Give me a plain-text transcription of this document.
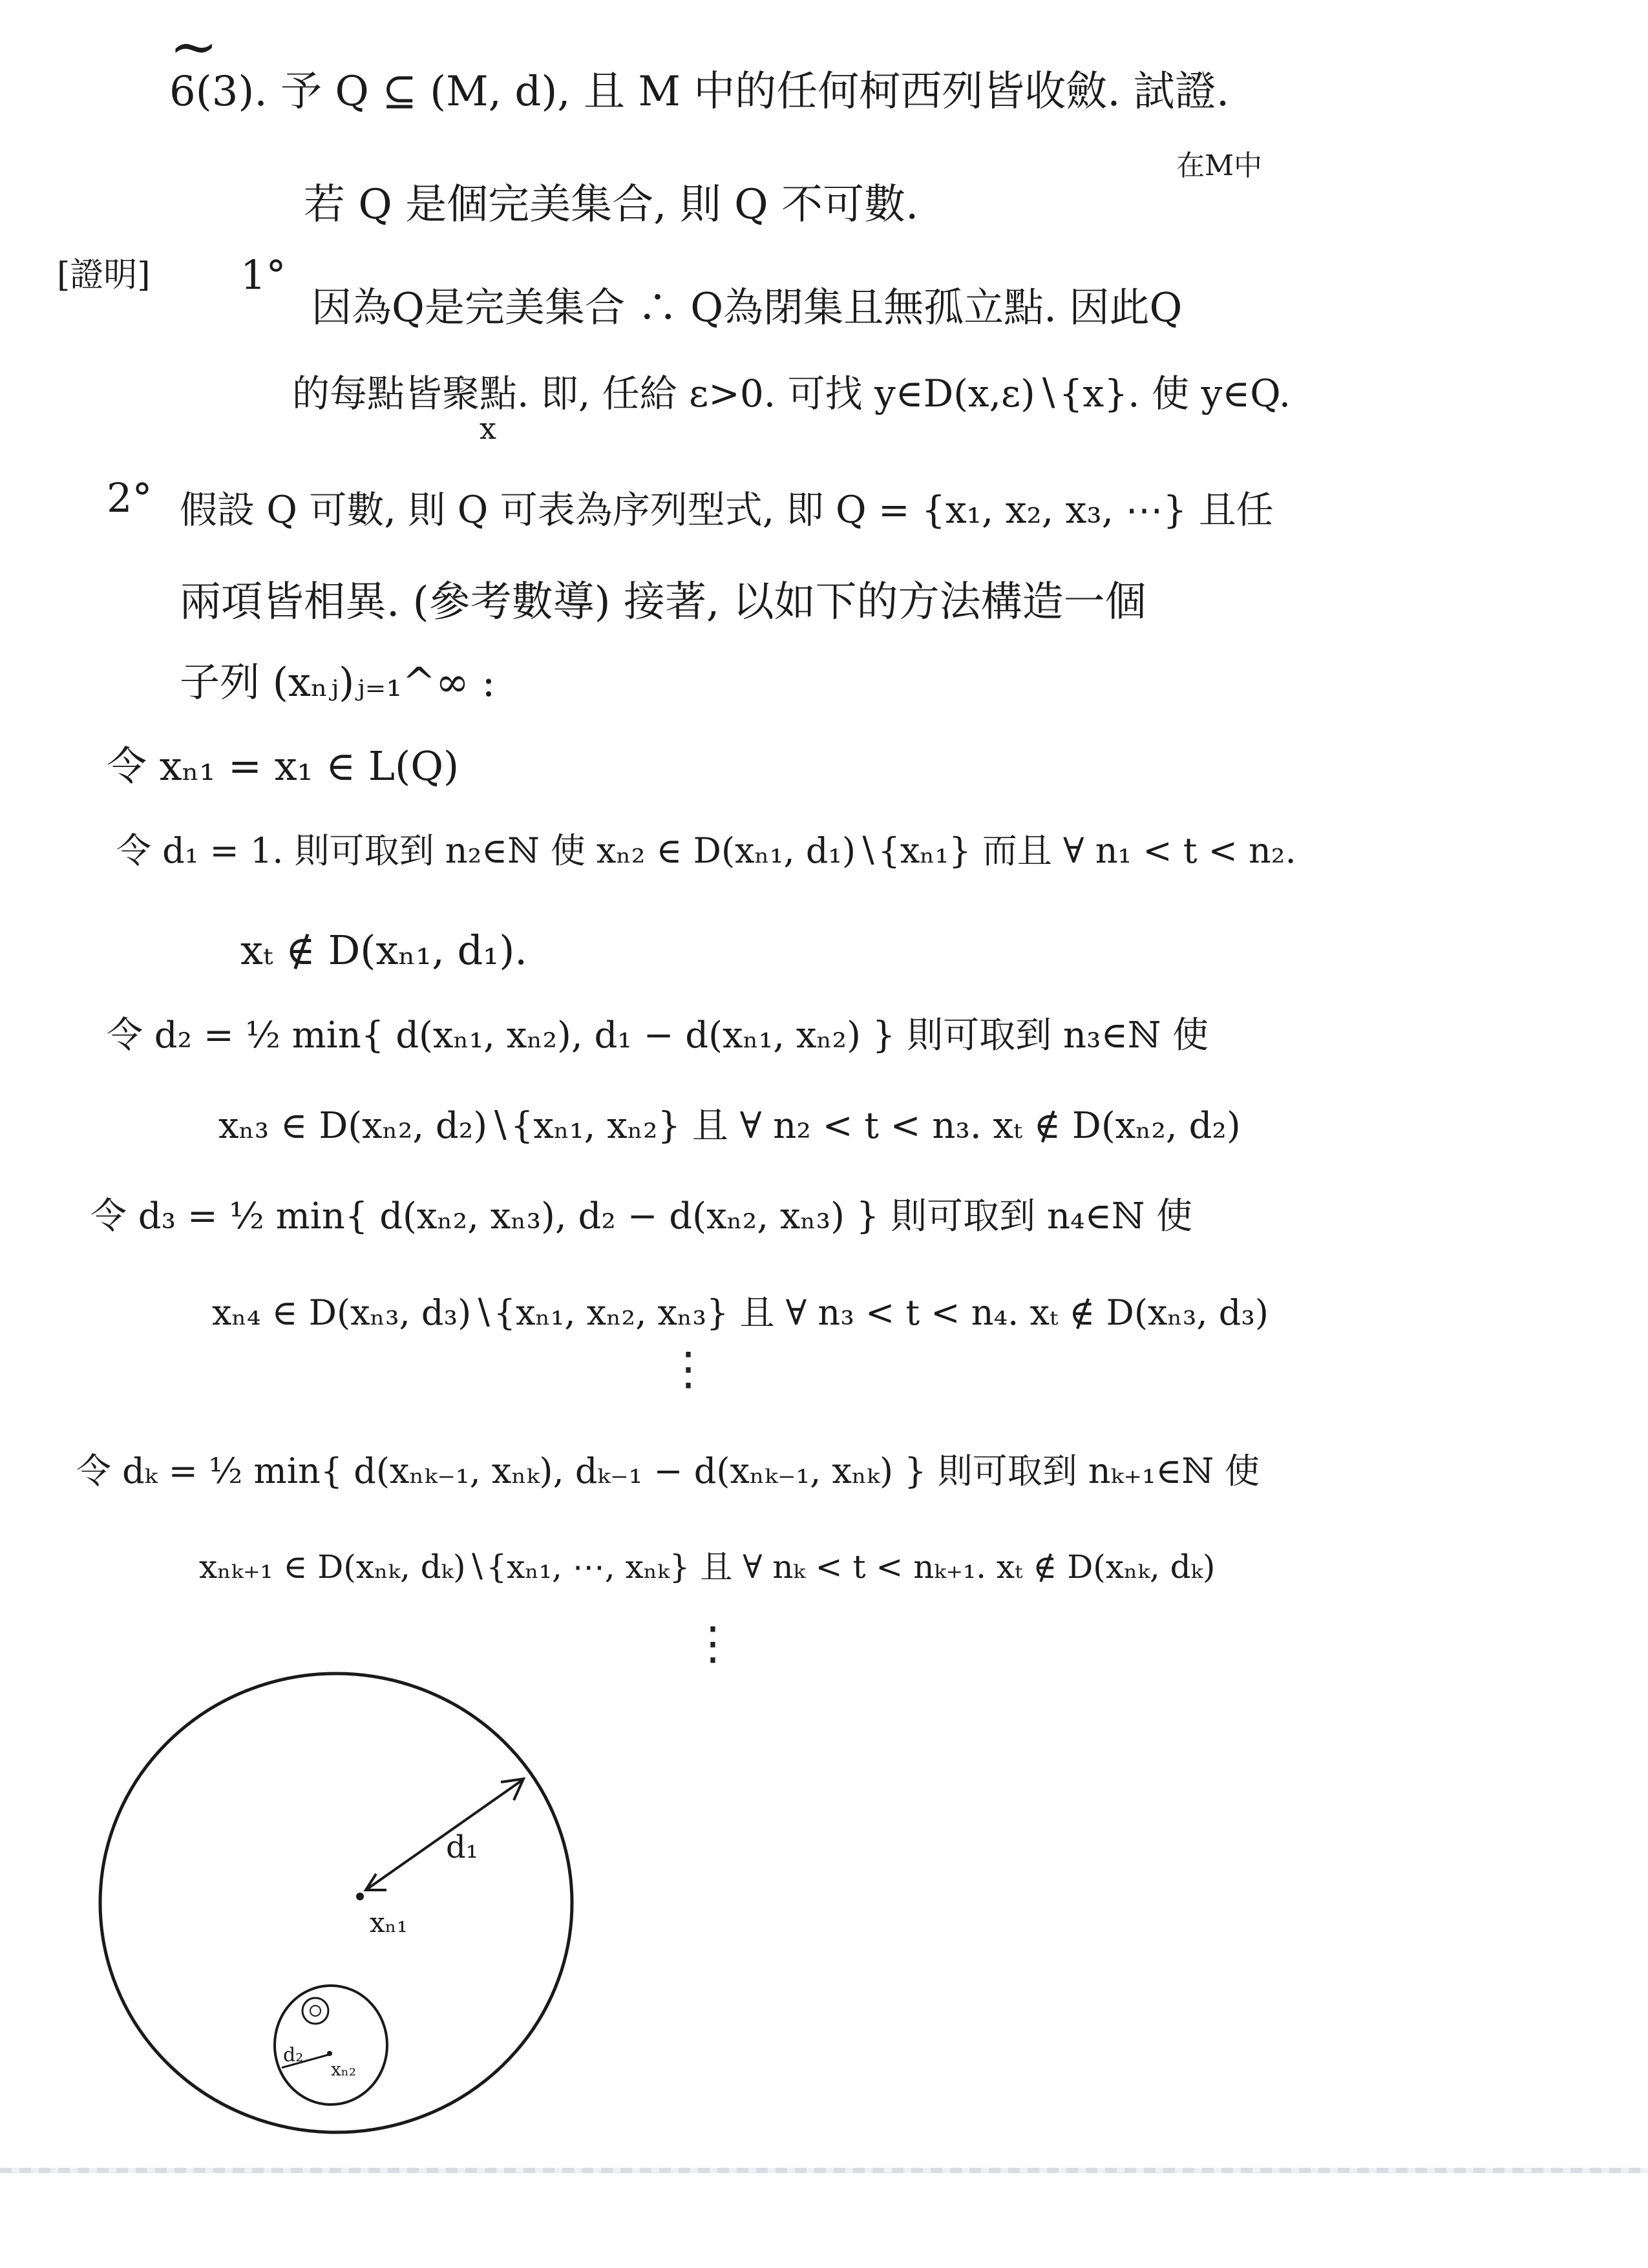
~
6(3). 予 Q ⊆ (M, d), 且 M 中的任何柯西列皆收斂. 試證.
在M中
若 Q 是個完美集合, 則 Q 不可數.
[證明] 1°
因為Q是完美集合 ∴ Q為閉集且無孤立點. 因此Q
的每點皆聚點. 即, 任給 ε>0. 可找 y∈D(x,ε)∖{x}. 使 y∈Q.
x
2° 假設 Q 可數, 則 Q 可表為序列型式, 即 Q = {x₁, x₂, x₃, ⋯} 且任
兩項皆相異. (參考數導) 接著, 以如下的方法構造一個
子列 (xₙⱼ)ⱼ₌₁^∞ :
令 xₙ₁ = x₁ ∈ L(Q)
令 d₁ = 1. 則可取到 n₂∈ℕ 使 xₙ₂ ∈ D(xₙ₁, d₁)∖{xₙ₁} 而且 ∀ n₁ < t < n₂.
xₜ ∉ D(xₙ₁, d₁).
令 d₂ = ½ min{ d(xₙ₁, xₙ₂), d₁ − d(xₙ₁, xₙ₂) } 則可取到 n₃∈ℕ 使
xₙ₃ ∈ D(xₙ₂, d₂)∖{xₙ₁, xₙ₂} 且 ∀ n₂ < t < n₃. xₜ ∉ D(xₙ₂, d₂)
令 d₃ = ½ min{ d(xₙ₂, xₙ₃), d₂ − d(xₙ₂, xₙ₃) } 則可取到 n₄∈ℕ 使
xₙ₄ ∈ D(xₙ₃, d₃)∖{xₙ₁, xₙ₂, xₙ₃} 且 ∀ n₃ < t < n₄. xₜ ∉ D(xₙ₃, d₃)
⋮
令 dₖ = ½ min{ d(xₙₖ₋₁, xₙₖ), dₖ₋₁ − d(xₙₖ₋₁, xₙₖ) } 則可取到 nₖ₊₁∈ℕ 使
xₙₖ₊₁ ∈ D(xₙₖ, dₖ)∖{xₙ₁, ⋯, xₙₖ} 且 ∀ nₖ < t < nₖ₊₁. xₜ ∉ D(xₙₖ, dₖ)
⋮
d₁
xₙ₁
d₂
xₙ₂
